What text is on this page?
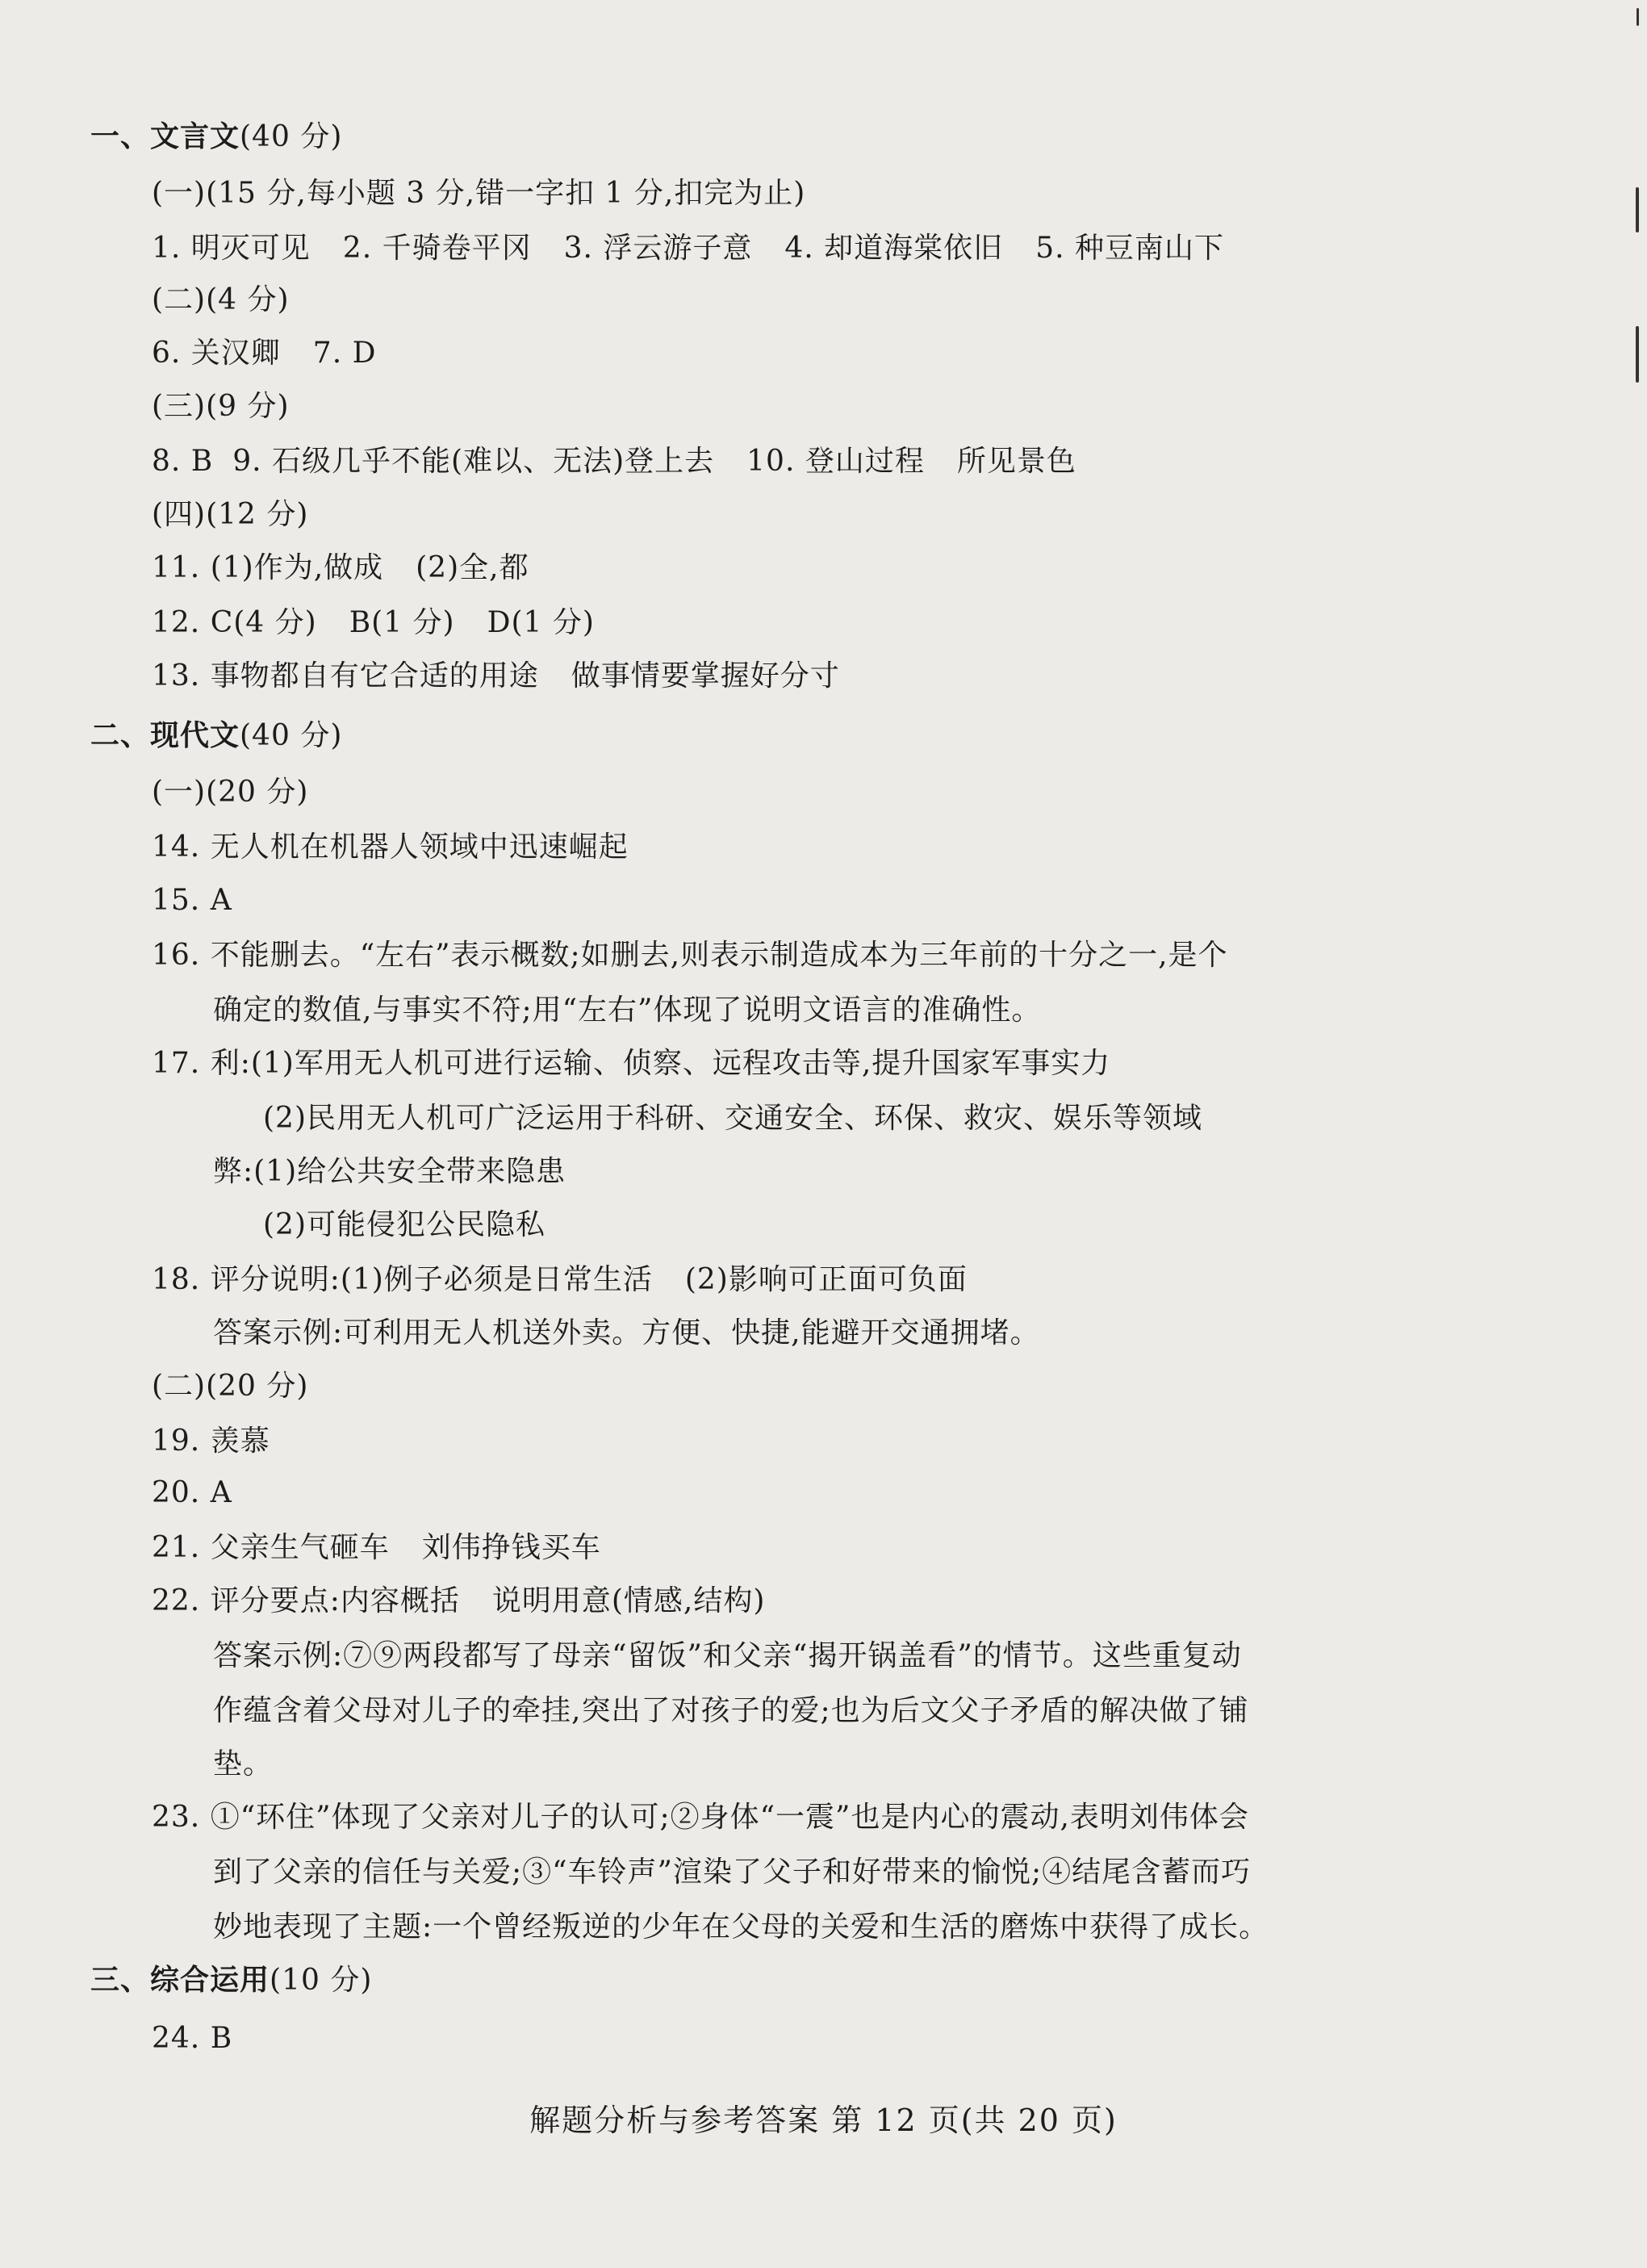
一、文言文(40 分)
(一)(15 分,每小题 3 分,错一字扣 1 分,扣完为止)
1. 明灭可见 2. 千骑卷平冈 3. 浮云游子意 4. 却道海棠依旧 5. 种豆南山下
(二)(4 分)
6. 关汉卿 7. D
(三)(9 分)
8. B 9. 石级几乎不能(难以、无法)登上去 10. 登山过程 所见景色
(四)(12 分)
11. (1)作为,做成 (2)全,都
12. C(4 分) B(1 分) D(1 分)
13. 事物都自有它合适的用途 做事情要掌握好分寸
二、现代文(40 分)
(一)(20 分)
14. 无人机在机器人领域中迅速崛起
15. A
16. 不能删去。“左右”表示概数;如删去,则表示制造成本为三年前的十分之一,是个
确定的数值,与事实不符;用“左右”体现了说明文语言的准确性。
17. 利:(1)军用无人机可进行运输、侦察、远程攻击等,提升国家军事实力
(2)民用无人机可广泛运用于科研、交通安全、环保、救灾、娱乐等领域
弊:(1)给公共安全带来隐患
(2)可能侵犯公民隐私
18. 评分说明:(1)例子必须是日常生活 (2)影响可正面可负面
答案示例:可利用无人机送外卖。方便、快捷,能避开交通拥堵。
(二)(20 分)
19. 羡慕
20. A
21. 父亲生气砸车 刘伟挣钱买车
22. 评分要点:内容概括 说明用意(情感,结构)
答案示例:⑦⑨两段都写了母亲“留饭”和父亲“揭开锅盖看”的情节。这些重复动
作蕴含着父母对儿子的牵挂,突出了对孩子的爱;也为后文父子矛盾的解决做了铺
垫。
23. ①“环住”体现了父亲对儿子的认可;②身体“一震”也是内心的震动,表明刘伟体会
到了父亲的信任与关爱;③“车铃声”渲染了父子和好带来的愉悦;④结尾含蓄而巧
妙地表现了主题:一个曾经叛逆的少年在父母的关爱和生活的磨炼中获得了成长。
三、综合运用(10 分)
24. B
解题分析与参考答案 第 12 页(共 20 页)
